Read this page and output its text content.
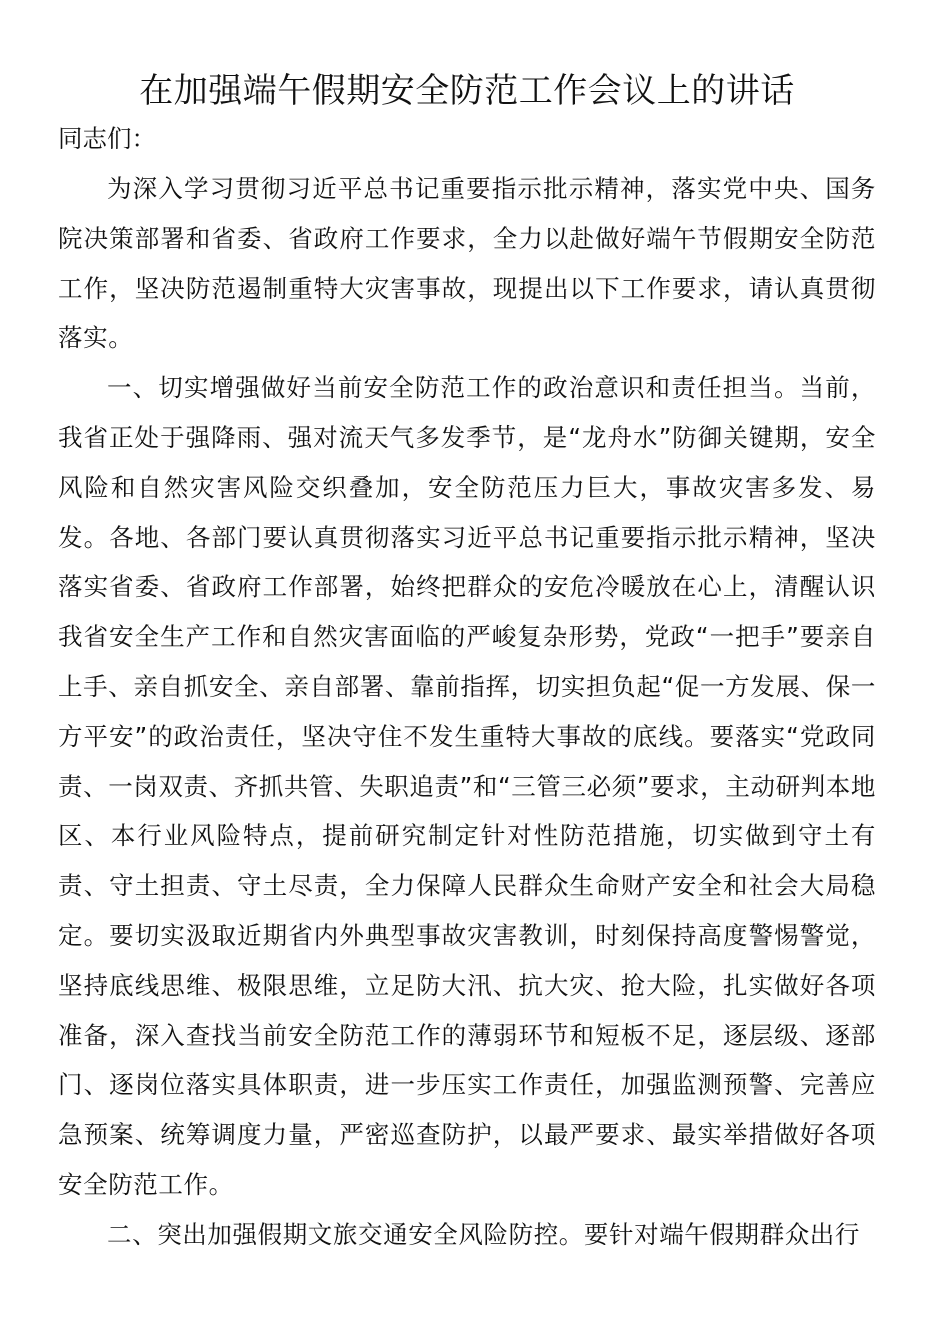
在加强端午假期安全防范工作会议上的讲话

同志们：

为深入学习贯彻习近平总书记重要指示批示精神，落实党中央、国务院决策部署和省委、省政府工作要求，全力以赴做好端午节假期安全防范工作，坚决防范遏制重特大灾害事故，现提出以下工作要求，请认真贯彻落实。

一、切实增强做好当前安全防范工作的政治意识和责任担当。当前，我省正处于强降雨、强对流天气多发季节，是“龙舟水”防御关键期，安全风险和自然灾害风险交织叠加，安全防范压力巨大，事故灾害多发、易发。各地、各部门要认真贯彻落实习近平总书记重要指示批示精神，坚决落实省委、省政府工作部署，始终把群众的安危冷暖放在心上，清醒认识我省安全生产工作和自然灾害面临的严峻复杂形势，党政“一把手”要亲自上手、亲自抓安全、亲自部署、靠前指挥，切实担负起“促一方发展、保一方平安”的政治责任，坚决守住不发生重特大事故的底线。要落实“党政同责、一岗双责、齐抓共管、失职追责”和“三管三必须”要求，主动研判本地区、本行业风险特点，提前研究制定针对性防范措施，切实做到守土有责、守土担责、守土尽责，全力保障人民群众生命财产安全和社会大局稳定。要切实汲取近期省内外典型事故灾害教训，时刻保持高度警惕警觉，坚持底线思维、极限思维，立足防大汛、抗大灾、抢大险，扎实做好各项准备，深入查找当前安全防范工作的薄弱环节和短板不足，逐层级、逐部门、逐岗位落实具体职责，进一步压实工作责任，加强监测预警、完善应急预案、统筹调度力量，严密巡查防护，以最严要求、最实举措做好各项安全防范工作。

二、突出加强假期文旅交通安全风险防控。要针对端午假期群众出行
